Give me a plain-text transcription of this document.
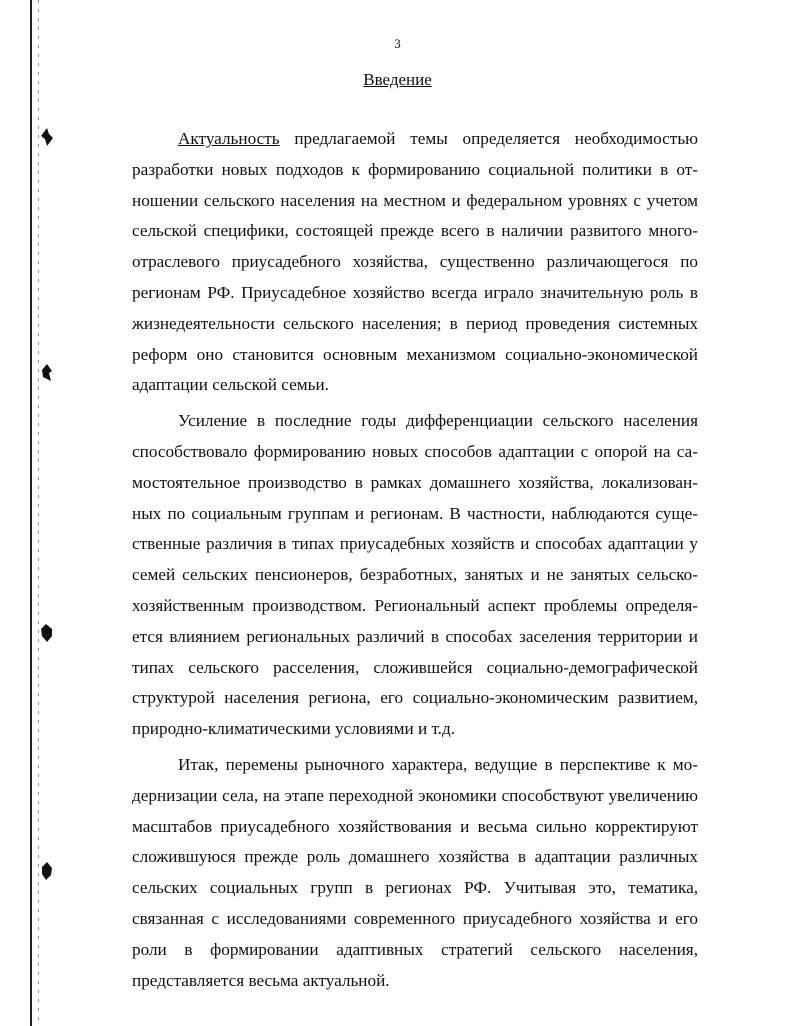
3
Введение

Актуальность предлагаемой темы определяется необходимостью разработки новых подходов к формированию социальной политики в отношении сельского населения на местном и федеральном уровнях с учетом сельской специфики, состоящей прежде всего в наличии развитого многоотраслевого приусадебного хозяйства, существенно различающегося по регионам РФ. Приусадебное хозяйство всегда играло значительную роль в жизнедеятельности сельского населения; в период проведения системных реформ оно становится основным механизмом социально-экономической адаптации сельской семьи.

Усиление в последние годы дифференциации сельского населения способствовало формированию новых способов адаптации с опорой на самостоятельное производство в рамках домашнего хозяйства, локализованных по социальным группам и регионам. В частности, наблюдаются существенные различия в типах приусадебных хозяйств и способах адаптации у семей сельских пенсионеров, безработных, занятых и не занятых сельскохозяйственным производством. Региональный аспект проблемы определяется влиянием региональных различий в способах заселения территории и типах сельского расселения, сложившейся социально-демографической структурой населения региона, его социально-экономическим развитием, природно-климатическими условиями и т.д.

Итак, перемены рыночного характера, ведущие в перспективе к модернизации села, на этапе переходной экономики способствуют увеличению масштабов приусадебного хозяйствования и весьма сильно корректируют сложившуюся прежде роль домашнего хозяйства в адаптации различных сельских социальных групп в регионах РФ. Учитывая это, тематика, связанная с исследованиями современного приусадебного хозяйства и его роли в формировании адаптивных стратегий сельского населения, представляется весьма актуальной.
